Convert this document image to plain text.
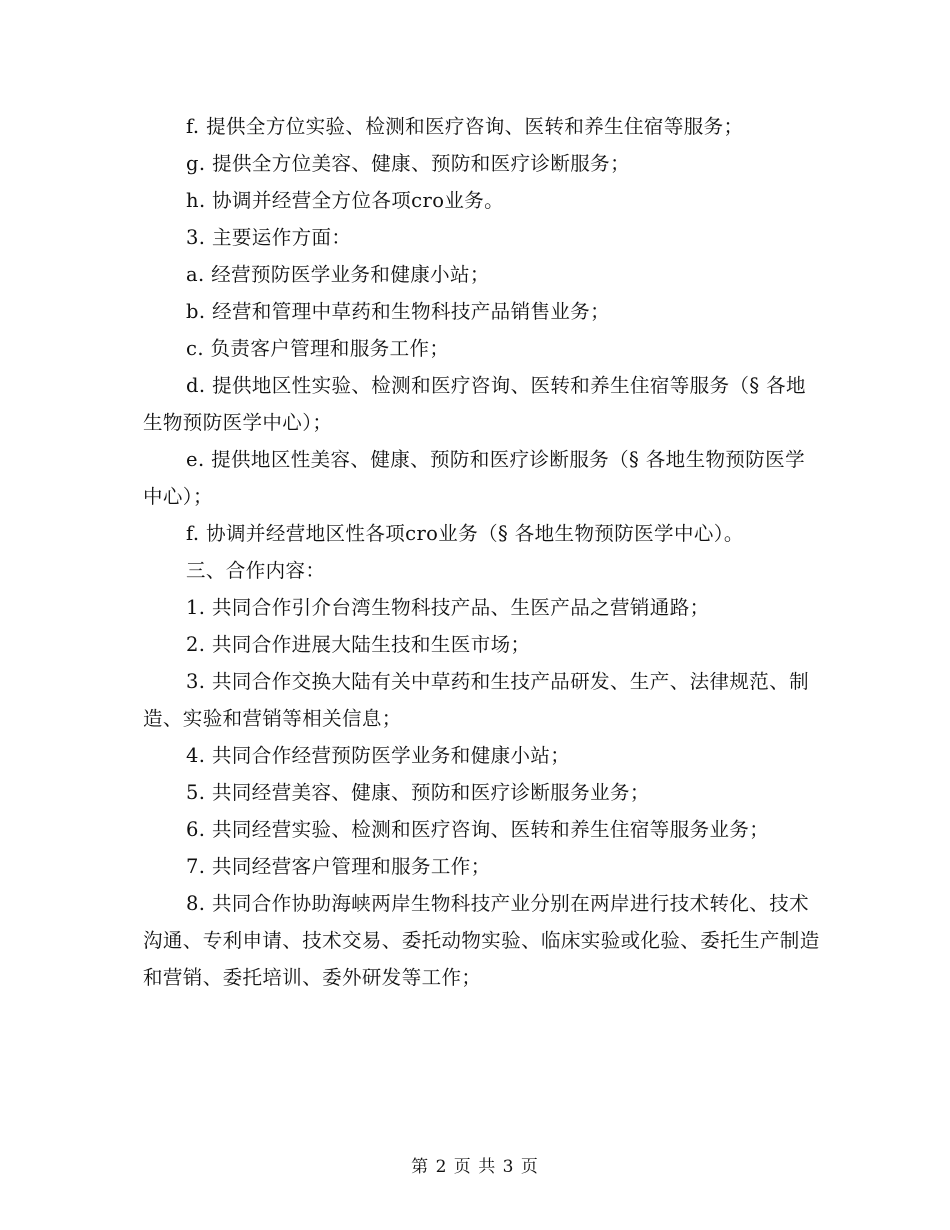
f. 提供全方位实验、检测和医疗咨询、医转和养生住宿等服务；

g. 提供全方位美容、健康、预防和医疗诊断服务；

h. 协调并经营全方位各项cro业务。

3. 主要运作方面：

a. 经营预防医学业务和健康小站；

b. 经营和管理中草药和生物科技产品销售业务；

c. 负责客户管理和服务工作；

d. 提供地区性实验、检测和医疗咨询、医转和养生住宿等服务（§ 各地生物预防医学中心）；

e. 提供地区性美容、健康、预防和医疗诊断服务（§ 各地生物预防医学中心）；

f. 协调并经营地区性各项cro业务（§ 各地生物预防医学中心）。

三、合作内容：

1. 共同合作引介台湾生物科技产品、生医产品之营销通路；

2. 共同合作进展大陆生技和生医市场；

3. 共同合作交换大陆有关中草药和生技产品研发、生产、法律规范、制造、实验和营销等相关信息；

4. 共同合作经营预防医学业务和健康小站；

5. 共同经营美容、健康、预防和医疗诊断服务业务；

6. 共同经营实验、检测和医疗咨询、医转和养生住宿等服务业务；

7. 共同经营客户管理和服务工作；

8. 共同合作协助海峡两岸生物科技产业分别在两岸进行技术转化、技术沟通、专利申请、技术交易、委托动物实验、临床实验或化验、委托生产制造和营销、委托培训、委外研发等工作；

第 2 页 共 3 页
